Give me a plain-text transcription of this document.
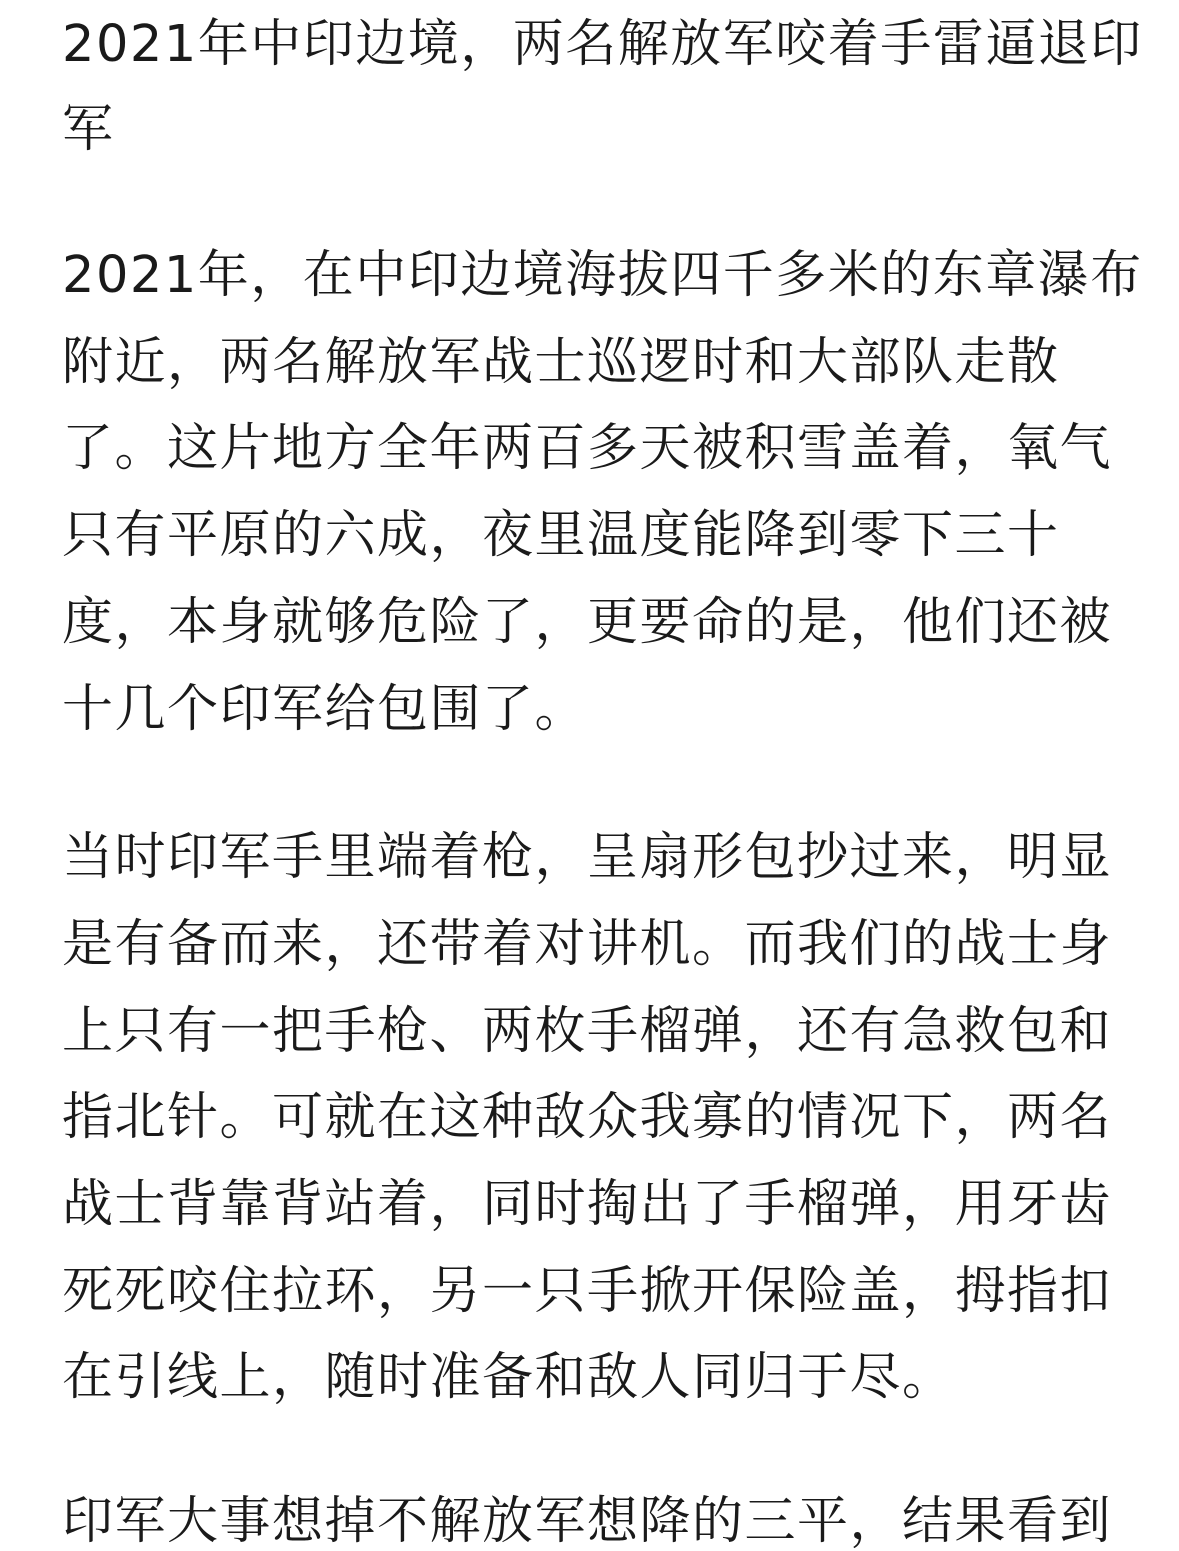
2021年中印边境，两名解放军咬着手雷逼退印

军

2021年，在中印边境海拔四千多米的东章瀑布

附近，两名解放军战士巡逻时和大部队走散

了。这片地方全年两百多天被积雪盖着，氧气

只有平原的六成，夜里温度能降到零下三十

度，本身就够危险了，更要命的是，他们还被

十几个印军给包围了。

当时印军手里端着枪，呈扇形包抄过来，明显

是有备而来，还带着对讲机。而我们的战士身

上只有一把手枪、两枚手榴弹，还有急救包和

指北针。可就在这种敌众我寡的情况下，两名

战士背靠背站着，同时掏出了手榴弹，用牙齿

死死咬住拉环，另一只手掀开保险盖，拇指扣

在引线上，随时准备和敌人同归于尽。

印军大事想掉不解放军想降的三平，结果看到
